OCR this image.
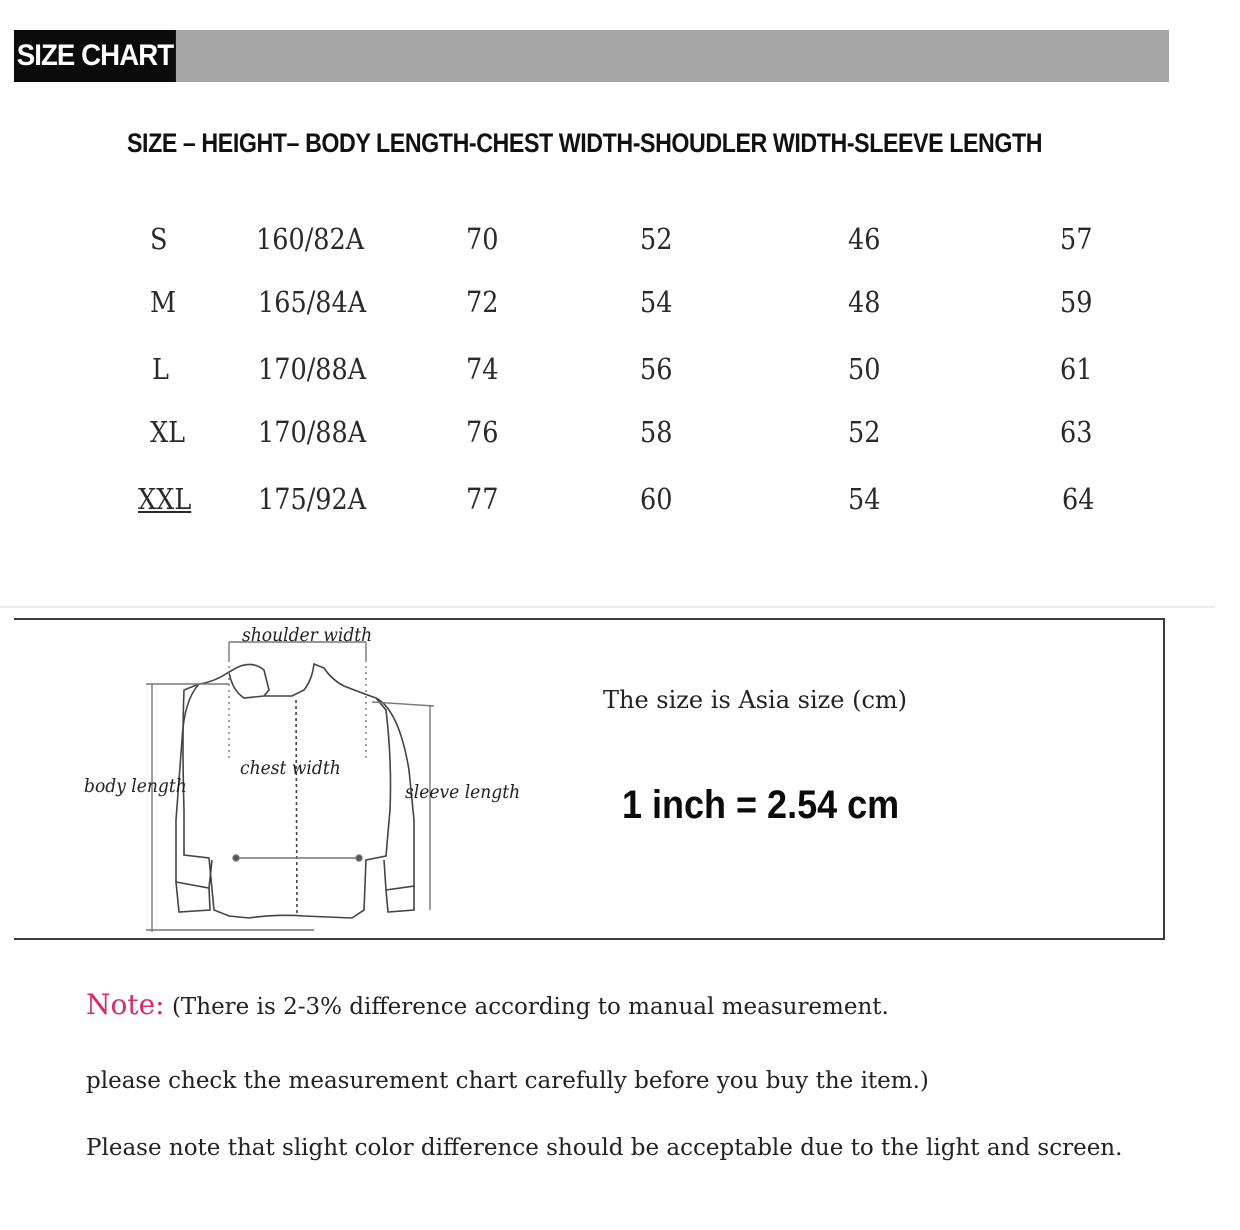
SIZE CHART
SIZE – HEIGHT– BODY LENGTH-CHEST WIDTH-SHOUDLER WIDTH-SLEEVE LENGTH
S	160/82A	70	52	46	57
M	165/84A	72	54	48	59
L	170/88A	74	56	50	61
XL	170/88A	76	58	52	63
XXL 175/92A	77	60	54	64
shoulder width
chest width
body length	sleeve length
The size is Asia size (cm)
1 inch = 2.54 cm
Note: (There is 2-3% difference according to manual measurement.
please check the measurement chart carefully before you buy the item.)
Please note that slight color difference should be acceptable due to the light and screen.
